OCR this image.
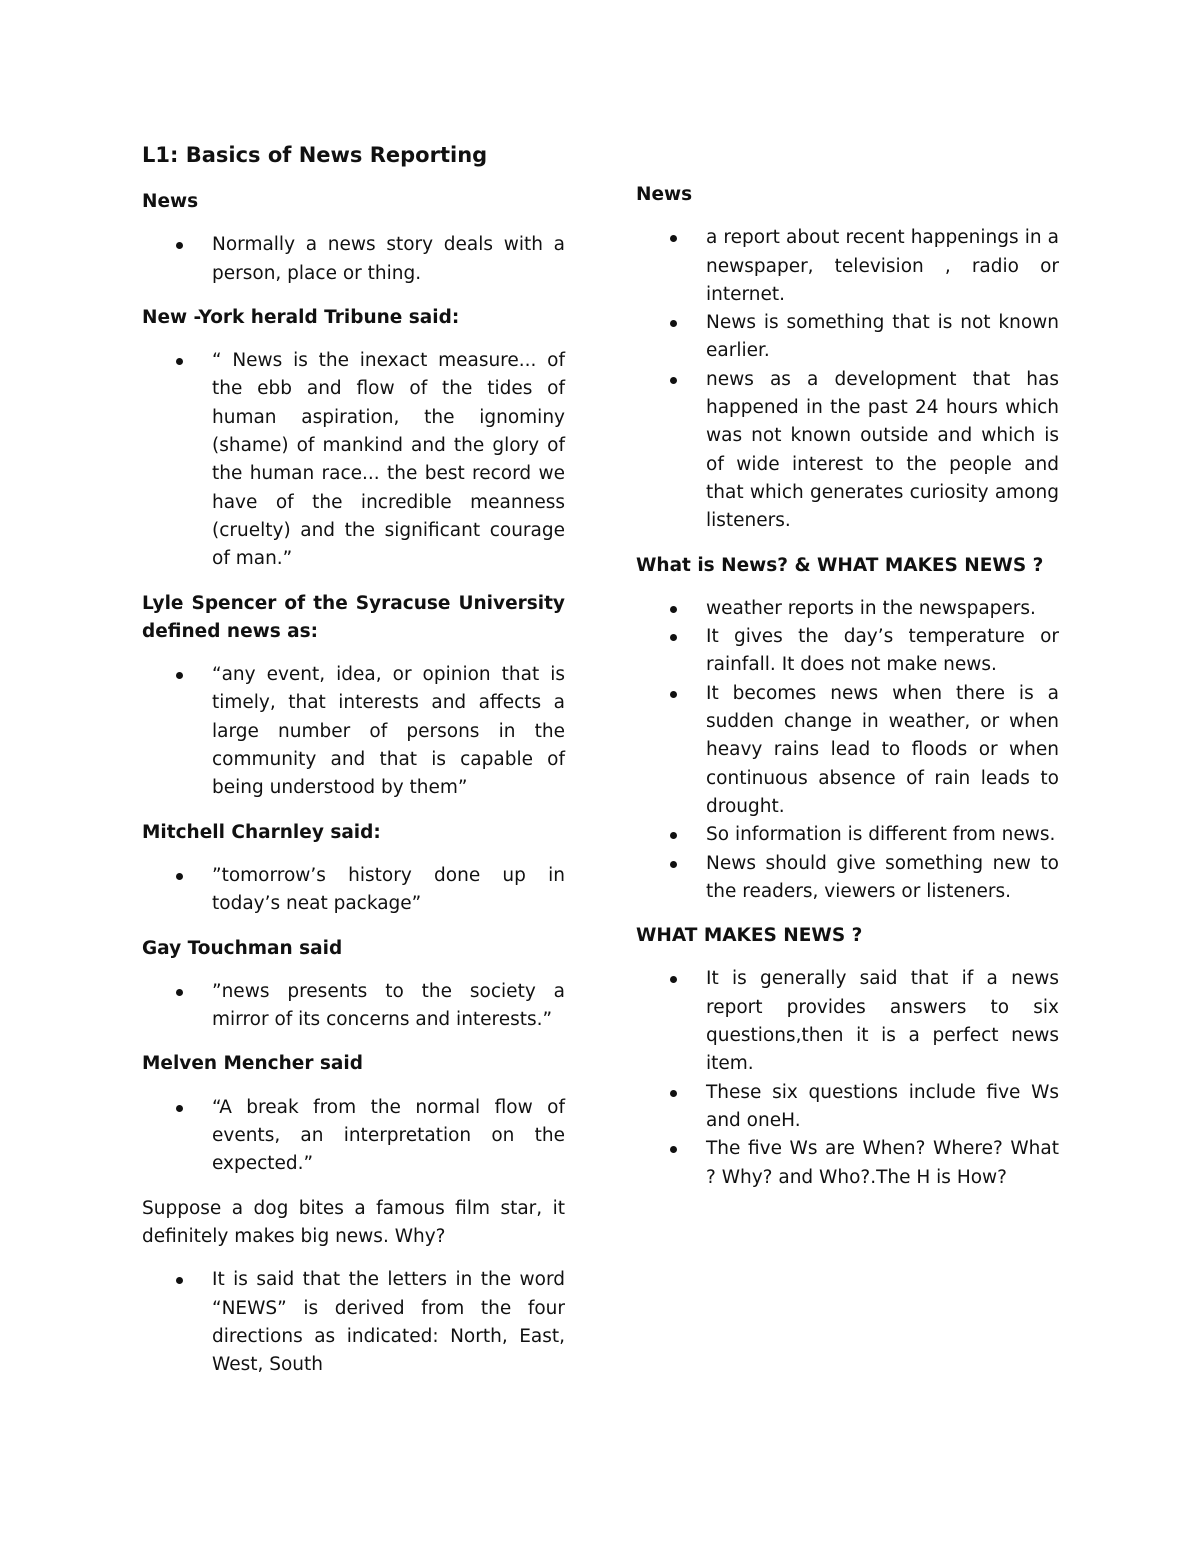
L1: Basics of News Reporting
News
Normally a news story deals with a person, place or thing.
New -York herald Tribune said:
“ News is the inexact measure... of the ebb and flow of the tides of human aspiration, the ignominy (shame) of mankind and the glory of the human race... the best record we have of the incredible meanness (cruelty) and the significant courage of man.”
Lyle Spencer of the Syracuse University defined news as:
“any event, idea, or opinion that is timely, that interests and affects a large number of persons in the community and that is capable of being understood by them”
Mitchell Charnley said:
”tomorrow’s history done up in today’s neat package”
Gay Touchman said
”news presents to the society a mirror of its concerns and interests.”
Melven Mencher said
“A break from the normal flow of events, an interpretation on the expected.”
Suppose a dog bites a famous film star, it definitely makes big news. Why?
It is said that the letters in the word “NEWS” is derived from the four directions as indicated: North, East, West, South
News
a report about recent happenings in a newspaper, television , radio or internet.
News is something that is not known earlier.
news as a development that has happened in the past 24 hours which was not known outside and which is of wide interest to the people and that which generates curiosity among listeners.
What is News? & WHAT MAKES NEWS ?
weather reports in the newspapers.
It gives the day’s temperature or rainfall. It does not make news.
It becomes news when there is a sudden change in weather, or when heavy rains lead to floods or when continuous absence of rain leads to drought.
So information is different from news.
News should give something new to the readers, viewers or listeners.
WHAT MAKES NEWS ?
It is generally said that if a news report provides answers to six questions,then it is a perfect news item.
These six questions include five Ws and oneH.
The five Ws are When? Where? What ? Why? and Who?.The H is How?
